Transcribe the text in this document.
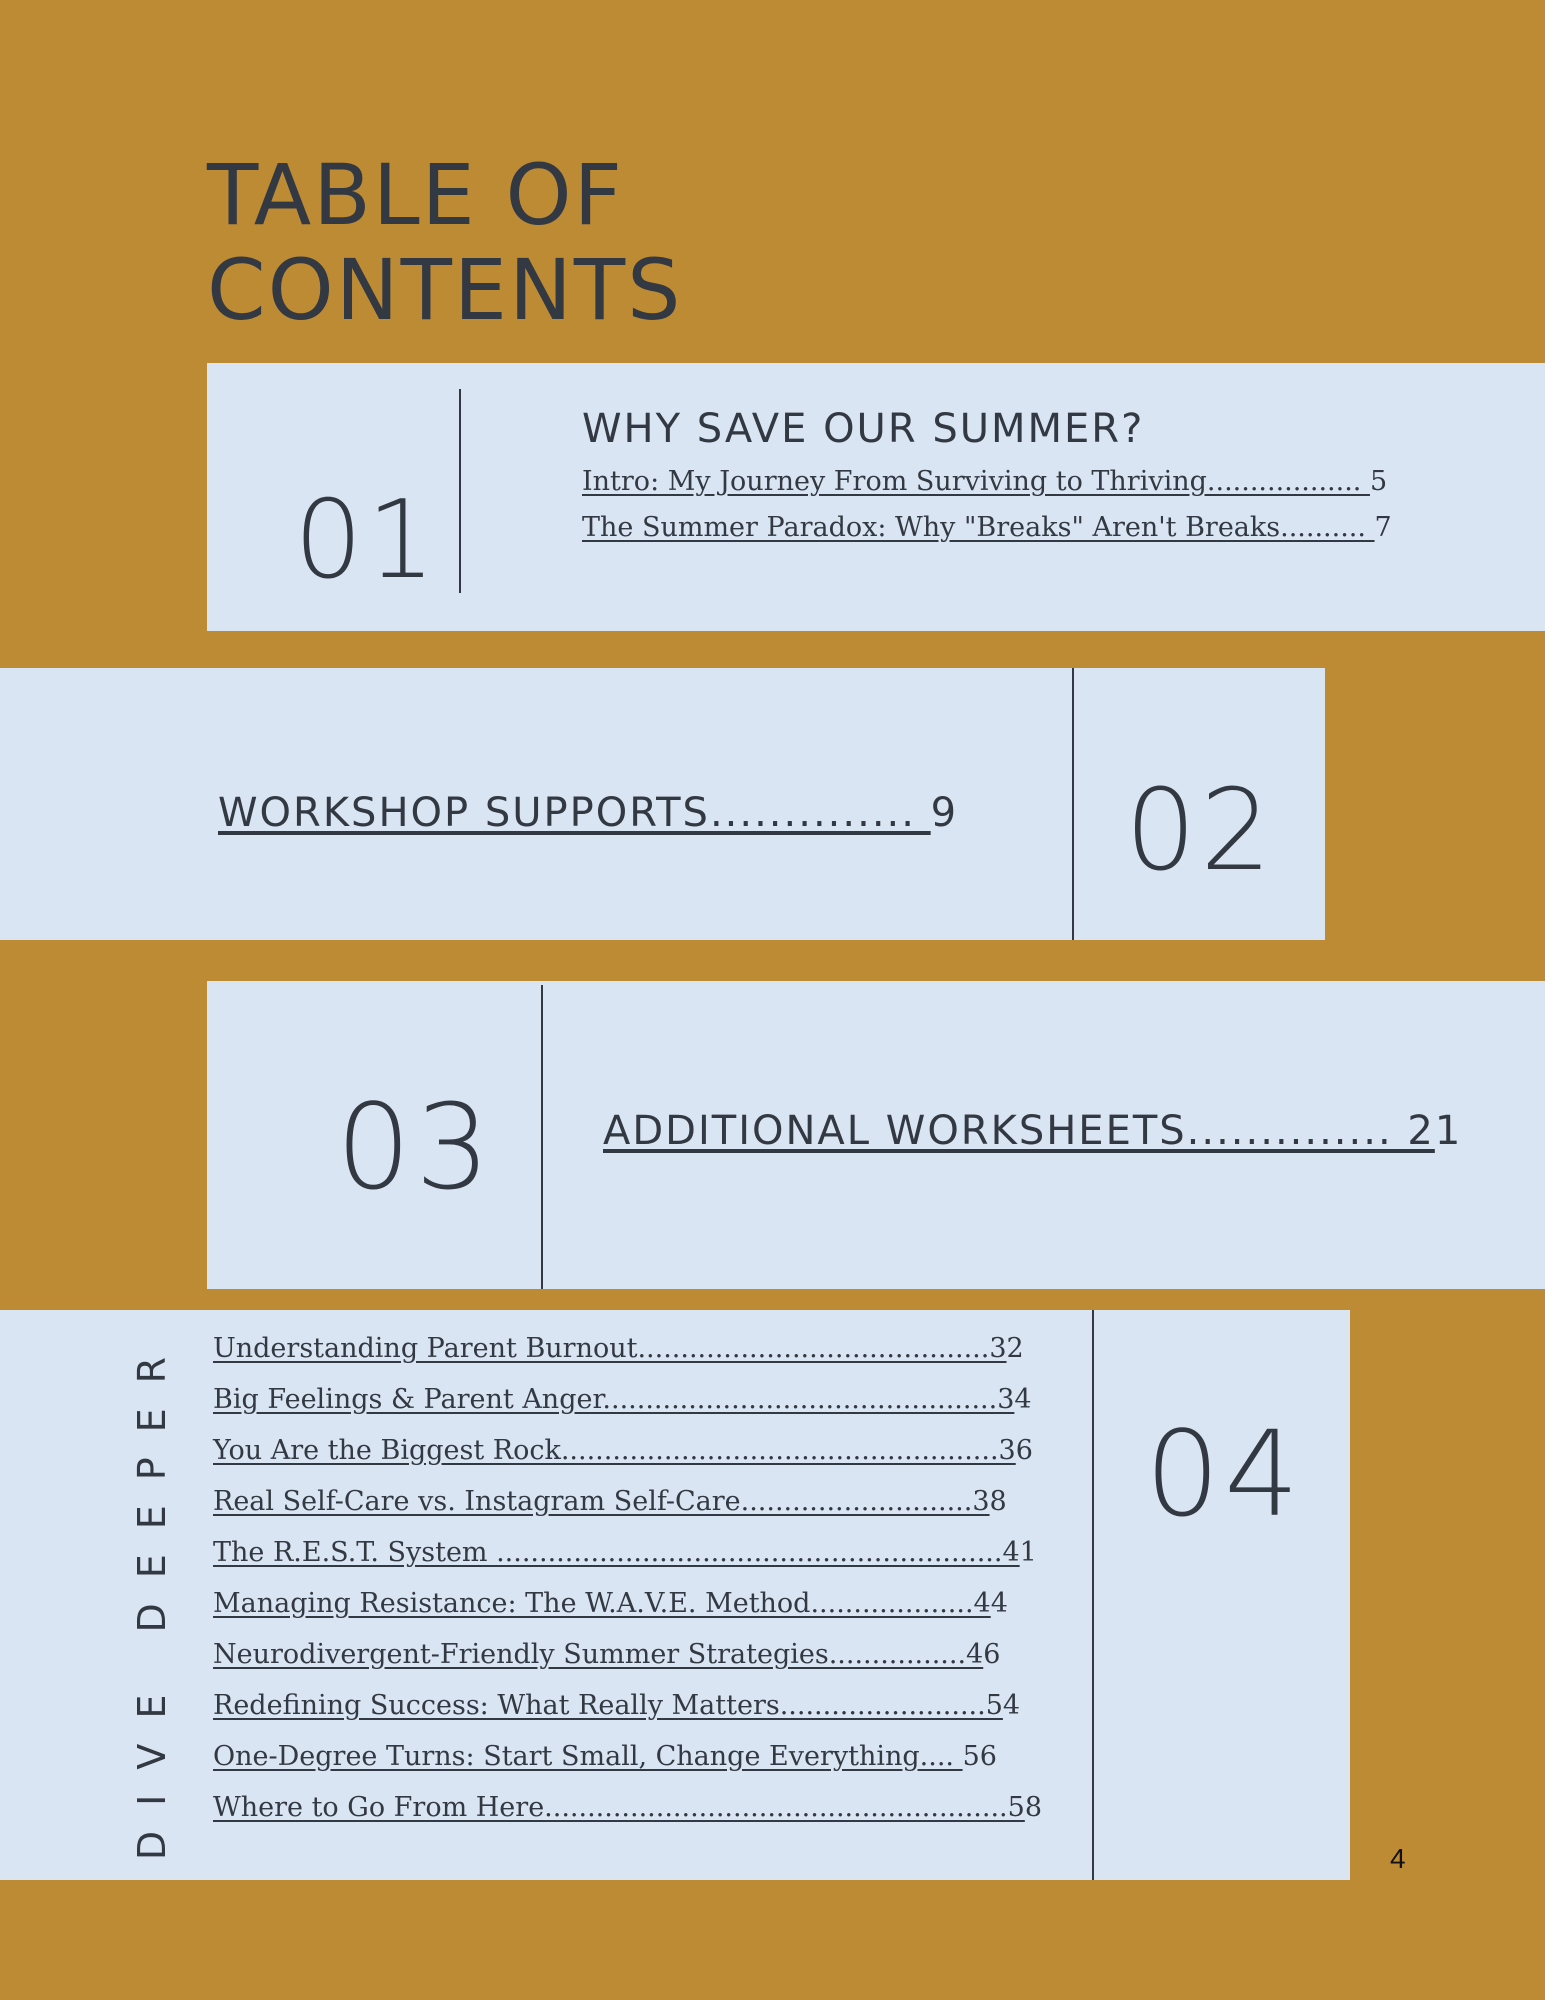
TABLE OF
CONTENTS
01
WHY SAVE OUR SUMMER?
Intro: My Journey From Surviving to Thriving.................. 5
The Summer Paradox: Why "Breaks" Aren't Breaks.......... 7
WORKSHOP SUPPORTS.............. 9 02
03	ADDITIONAL WORKSHEETS.............. 21
DIVE DEEPER Understanding Parent Burnout.........................................32
Big Feelings & Parent Anger..............................................34
You Are the Biggest Rock...................................................36
Real Self-Care vs. Instagram Self-Care...........................38
The R.E.S.T. System ...........................................................41
Managing Resistance: The W.A.V.E. Method...................44
Neurodivergent-Friendly Summer Strategies................46
Redefining Success: What Really Matters........................54
One-Degree Turns: Start Small, Change Everything.... 56
Where to Go From Here......................................................58
04
4
